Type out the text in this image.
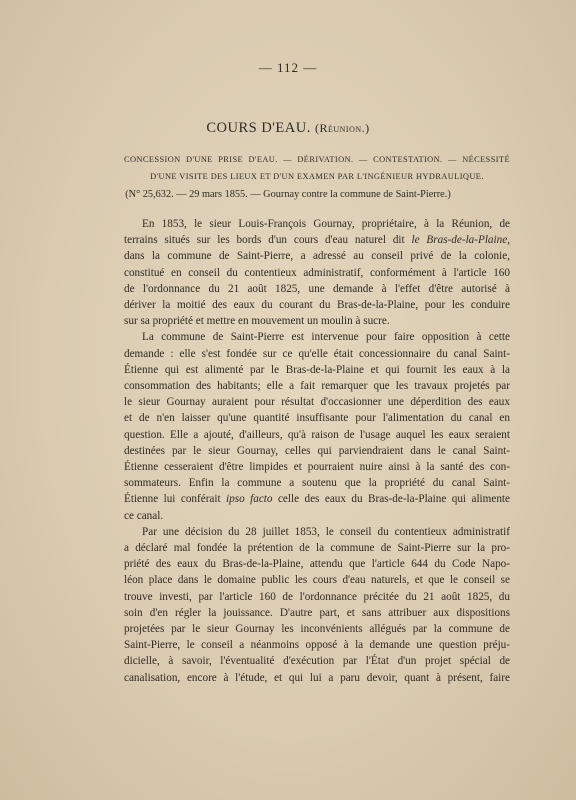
— 112 —
COURS D'EAU. (Réunion.)
CONCESSION D'UNE PRISE D'EAU. — DÉRIVATION. — CONTESTATION. — NÉCESSITÉ
D'UNE VISITE DES LIEUX ET D'UN EXAMEN PAR L'INGÉNIEUR HYDRAULIQUE.
(N° 25,632. — 29 mars 1855. — Gournay contre la commune de Saint-Pierre.)
En 1853, le sieur Louis-François Gournay, propriétaire, à la Réunion, de
terrains situés sur les bords d'un cours d'eau naturel dit le Bras-de-la-Plaine,
dans la commune de Saint-Pierre, a adressé au conseil privé de la colonie,
constitué en conseil du contentieux administratif, conformément à l'article 160
de l'ordonnance du 21 août 1825, une demande à l'effet d'être autorisé à
dériver la moitié des eaux du courant du Bras-de-la-Plaine, pour les conduire
sur sa propriété et mettre en mouvement un moulin à sucre.
La commune de Saint-Pierre est intervenue pour faire opposition à cette
demande : elle s'est fondée sur ce qu'elle était concessionnaire du canal Saint-
Étienne qui est alimenté par le Bras-de-la-Plaine et qui fournit les eaux à la
consommation des habitants; elle a fait remarquer que les travaux projetés par
le sieur Gournay auraient pour résultat d'occasionner une déperdition des eaux
et de n'en laisser qu'une quantité insuffisante pour l'alimentation du canal en
question. Elle a ajouté, d'ailleurs, qu'à raison de l'usage auquel les eaux seraient
destinées par le sieur Gournay, celles qui parviendraient dans le canal Saint-
Étienne cesseraient d'être limpides et pourraient nuire ainsi à la santé des con-
sommateurs. Enfin la commune a soutenu que la propriété du canal Saint-
Étienne lui conférait ipso facto celle des eaux du Bras-de-la-Plaine qui alimente
ce canal.
Par une décision du 28 juillet 1853, le conseil du contentieux administratif
a déclaré mal fondée la prétention de la commune de Saint-Pierre sur la pro-
priété des eaux du Bras-de-la-Plaine, attendu que l'article 644 du Code Napo-
léon place dans le domaine public les cours d'eau naturels, et que le conseil se
trouve investi, par l'article 160 de l'ordonnance précitée du 21 août 1825, du
soin d'en régler la jouissance. D'autre part, et sans attribuer aux dispositions
projetées par le sieur Gournay les inconvénients allégués par la commune de
Saint-Pierre, le conseil a néanmoins opposé à la demande une question préju-
dicielle, à savoir, l'éventualité d'exécution par l'État d'un projet spécial de
canalisation, encore à l'étude, et qui lui a paru devoir, quant à présent, faire
